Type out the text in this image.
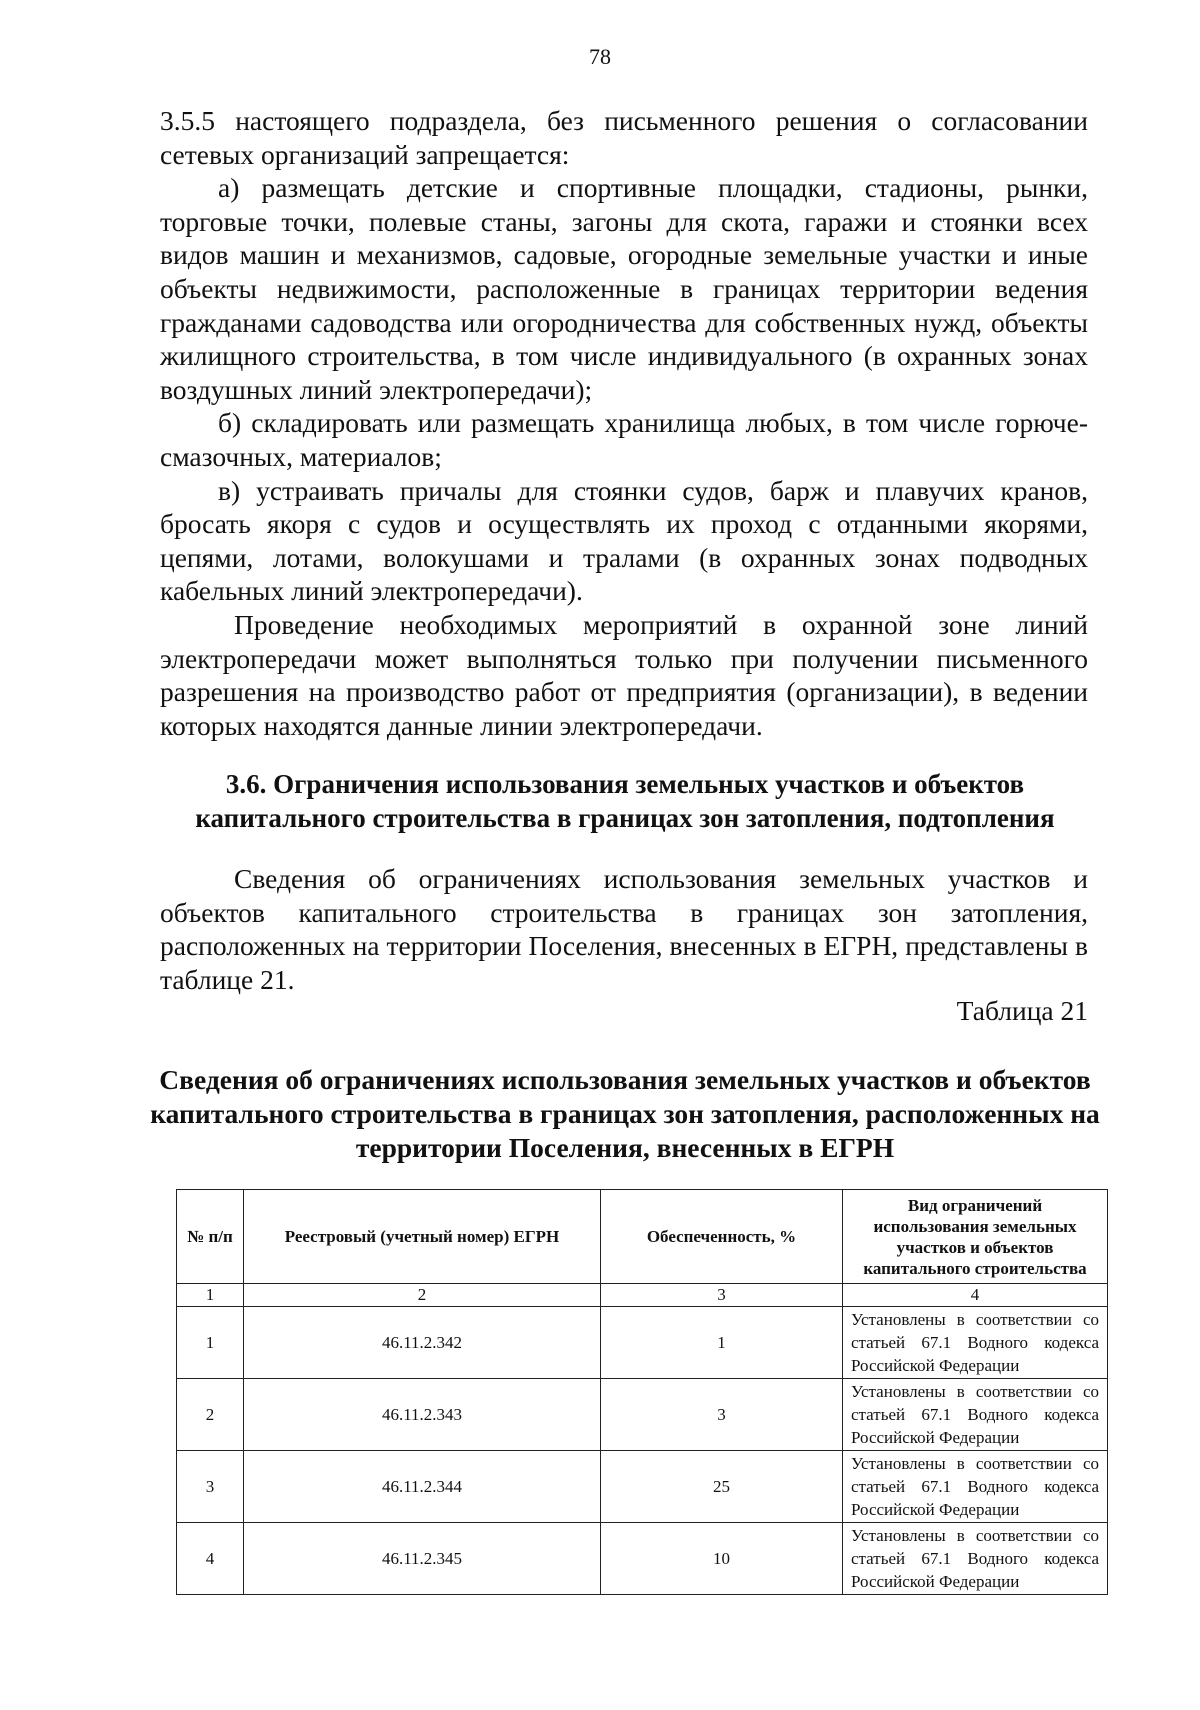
78

3.5.5 настоящего подраздела, без письменного решения о согласовании сетевых организаций запрещается:

а) размещать детские и спортивные площадки, стадионы, рынки, торговые точки, полевые станы, загоны для скота, гаражи и стоянки всех видов машин и механизмов, садовые, огородные земельные участки и иные объекты недвижимости, расположенные в границах территории ведения гражданами садоводства или огородничества для собственных нужд, объекты жилищного строительства, в том числе индивидуального (в охранных зонах воздушных линий электропередачи);

б) складировать или размещать хранилища любых, в том числе горюче-смазочных, материалов;

в) устраивать причалы для стоянки судов, барж и плавучих кранов, бросать якоря с судов и осуществлять их проход с отданными якорями, цепями, лотами, волокушами и тралами (в охранных зонах подводных кабельных линий электропередачи).

Проведение необходимых мероприятий в охранной зоне линий электропередачи может выполняться только при получении письменного разрешения на производство работ от предприятия (организации), в ведении которых находятся данные линии электропередачи.

3.6. Ограничения использования земельных участков и объектов капитального строительства в границах зон затопления, подтопления

Сведения об ограничениях использования земельных участков и объектов капитального строительства в границах зон затопления, расположенных на территории Поселения, внесенных в ЕГРН, представлены в таблице 21.

Таблица 21
Сведения об ограничениях использования земельных участков и объектов капитального строительства в границах зон затопления, расположенных на территории Поселения, внесенных в ЕГРН
№ п/п	Реестровый (учетный номер) ЕГРН	Обеспеченность, %	Вид ограничений использования земельных участков и объектов капитального строительства
1	2	3	4
1	46.11.2.342	1	Установлены в соответствии со статьей 67.1 Водного кодекса Российской Федерации

2	46.11.2.343	3	Установлены в соответствии со статьей 67.1 Водного кодекса Российской Федерации

3	46.11.2.344	25	Установлены в соответствии со статьей 67.1 Водного кодекса Российской Федерации

4	46.11.2.345	10	Установлены в соответствии со статьей 67.1 Водного кодекса Российской Федерации
